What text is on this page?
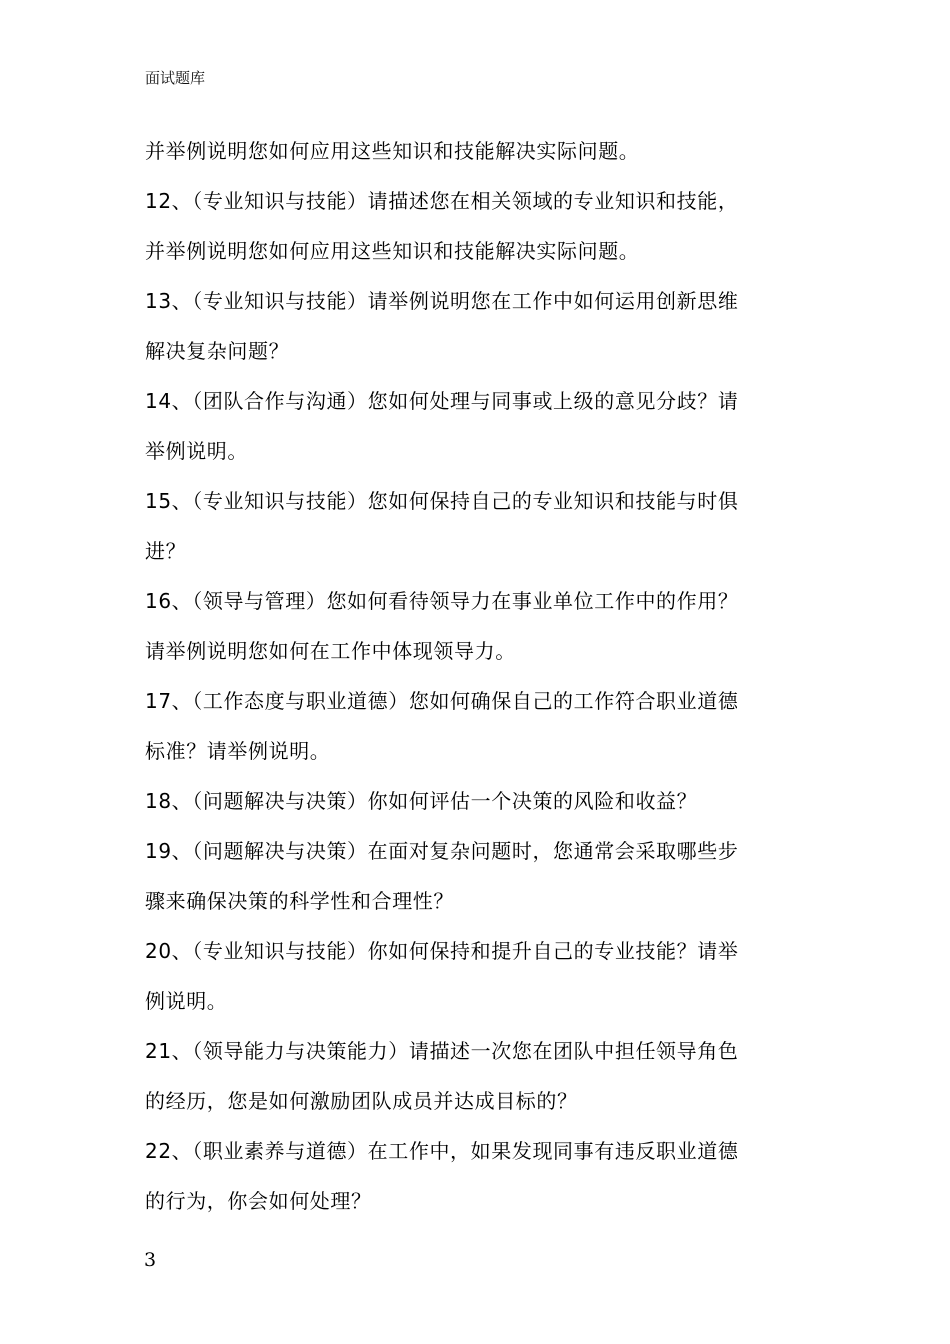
面试题库
并举例说明您如何应用这些知识和技能解决实际问题。
12、（专业知识与技能）请描述您在相关领域的专业知识和技能，
并举例说明您如何应用这些知识和技能解决实际问题。
13、（专业知识与技能）请举例说明您在工作中如何运用创新思维
解决复杂问题？
14、（团队合作与沟通）您如何处理与同事或上级的意见分歧？请
举例说明。
15、（专业知识与技能）您如何保持自己的专业知识和技能与时俱
进？
16、（领导与管理）您如何看待领导力在事业单位工作中的作用？
请举例说明您如何在工作中体现领导力。
17、（工作态度与职业道德）您如何确保自己的工作符合职业道德
标准？请举例说明。
18、（问题解决与决策）你如何评估一个决策的风险和收益？
19、（问题解决与决策）在面对复杂问题时，您通常会采取哪些步
骤来确保决策的科学性和合理性？
20、（专业知识与技能）你如何保持和提升自己的专业技能？请举
例说明。
21、（领导能力与决策能力）请描述一次您在团队中担任领导角色
的经历，您是如何激励团队成员并达成目标的？
22、（职业素养与道德）在工作中，如果发现同事有违反职业道德
的行为，你会如何处理？
3
